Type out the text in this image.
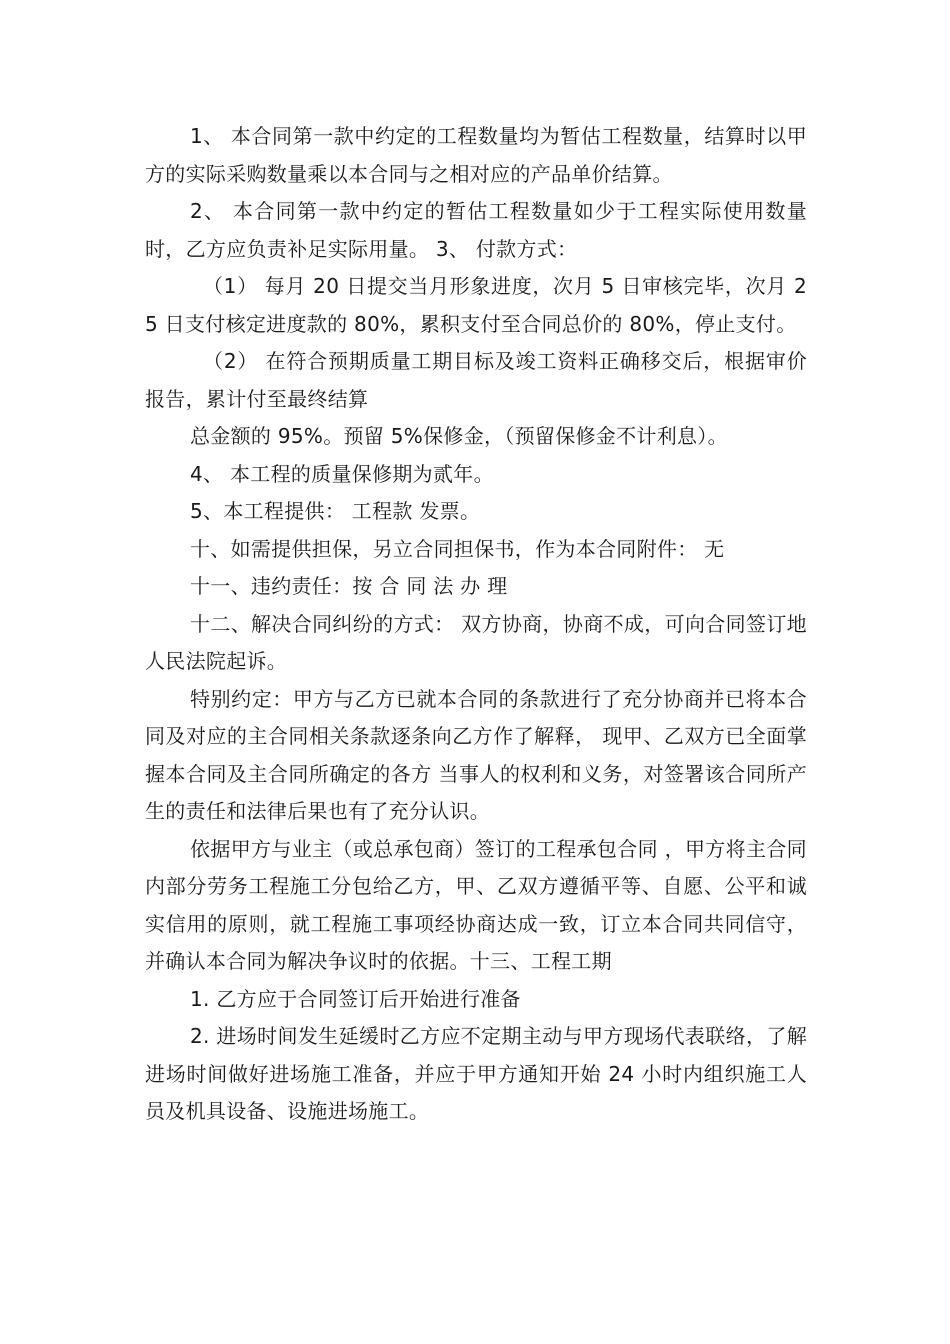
1、 本合同第一款中约定的工程数量均为暂估工程数量，结算时以甲方的实际采购数量乘以本合同与之相对应的产品单价结算。

2、 本合同第一款中约定的暂估工程数量如少于工程实际使用数量时，乙方应负责补足实际用量。 3、 付款方式：

（1） 每月 20 日提交当月形象进度，次月 5 日审核完毕，次月 25 日支付核定进度款的 80%，累积支付至合同总价的 80%，停止支付。

（2） 在符合预期质量工期目标及竣工资料正确移交后，根据审价报告，累计付至最终结算

总金额的 95%。预留 5%保修金，（预留保修金不计利息）。

4、 本工程的质量保修期为贰年。

5、本工程提供： 工程款 发票。

十、如需提供担保，另立合同担保书，作为本合同附件： 无

十一、违约责任：按 合 同 法 办 理

十二、解决合同纠纷的方式： 双方协商，协商不成，可向合同签订地人民法院起诉。

特别约定：甲方与乙方已就本合同的条款进行了充分协商并已将本合同及对应的主合同相关条款逐条向乙方作了解释， 现甲、乙双方已全面掌握本合同及主合同所确定的各方 当事人的权利和义务，对签署该合同所产生的责任和法律后果也有了充分认识。

依据甲方与业主（或总承包商）签订的工程承包合同 ，甲方将主合同内部分劳务工程施工分包给乙方，甲、乙双方遵循平等、自愿、公平和诚实信用的原则，就工程施工事项经协商达成一致，订立本合同共同信守，并确认本合同为解决争议时的依据。十三、工程工期

1. 乙方应于合同签订后开始进行准备

2. 进场时间发生延缓时乙方应不定期主动与甲方现场代表联络，了解进场时间做好进场施工准备，并应于甲方通知开始 24 小时内组织施工人员及机具设备、设施进场施工。
